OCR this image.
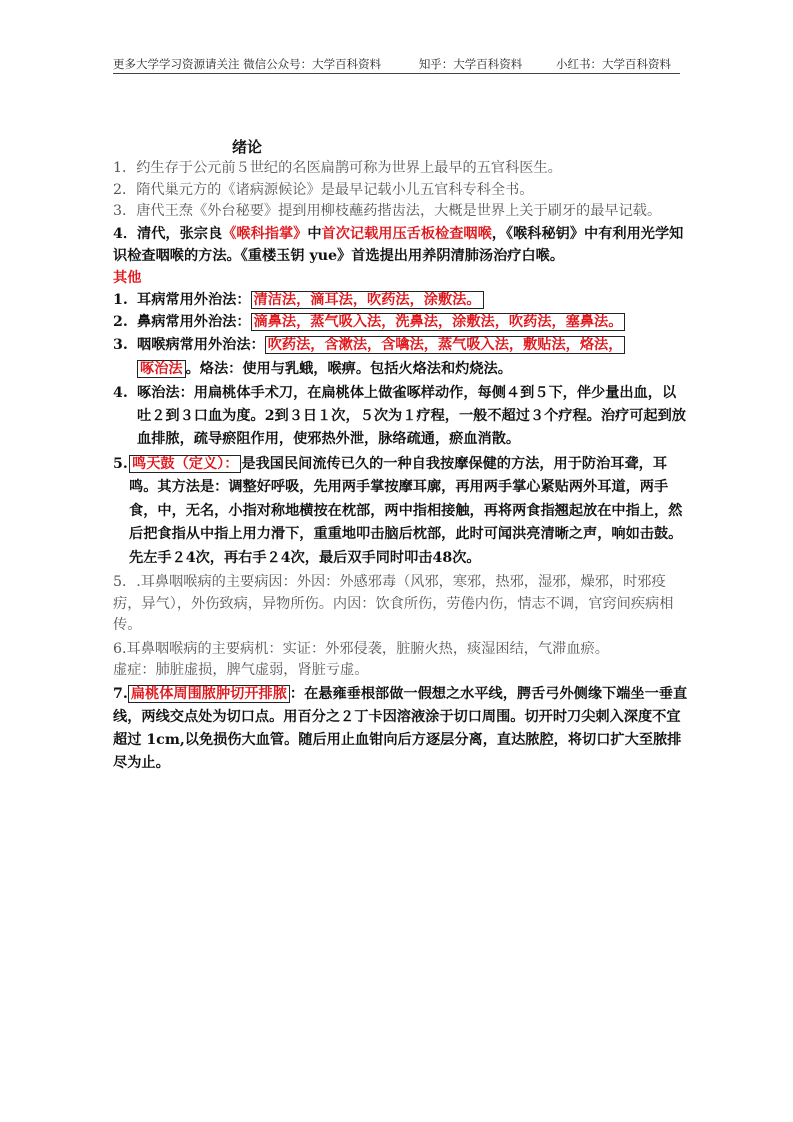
更多大学学习资源请关注 微信公众号：大学百科资料	知乎：大学百科资料	小红书：大学百科资料
绪论

1．约生存于公元前５世纪的名医扁鹊可称为世界上最早的五官科医生。

2．隋代巢元方的《诸病源候论》是最早记载小儿五官科专科全书。

3．唐代王焘《外台秘要》提到用柳枝蘸药揩齿法，大概是世界上关于刷牙的最早记载。

4．清代，张宗良《喉科指掌》中首次记载用压舌板检查咽喉，《喉科秘钥》中有利用光学知识检查咽喉的方法。《重楼玉钥 yue》首选提出用养阴清肺汤治疗白喉。

其他

1. 耳病常用外治法： 清洁法，滴耳法，吹药法，涂敷法。
2. 鼻病常用外治法： 滴鼻法，蒸气吸入法，洗鼻法，涂敷法，吹药法，塞鼻法。
3. 咽喉病常用外治法： 吹药法，含漱法，含噙法，蒸气吸入法，敷贴法，烙法，
啄治法 。烙法：使用与乳蛾，喉痹。包括火烙法和灼烧法。
4. 啄治法：用扁桃体手术刀，在扁桃体上做雀啄样动作，每侧４到５下，伴少量出血，以吐２到３口血为度。2到３日１次，５次为１疗程，一般不超过３个疗程。治疗可起到放血排脓，疏导瘀阻作用，使邪热外泄，脉络疏通，瘀血消散。
5. 鸣天鼓（定义）： 是我国民间流传已久的一种自我按摩保健的方法，用于防治耳聋，耳鸣。其方法是：调整好呼吸，先用两手掌按摩耳廓，再用两手掌心紧贴两外耳道，两手食，中，无名，小指对称地横按在枕部，两中指相接触，再将两食指翘起放在中指上，然后把食指从中指上用力滑下，重重地叩击脑后枕部，此时可闻洪亮清晰之声，响如击鼓。先左手２4次，再右手２4次，最后双手同时叩击48次。

5．.耳鼻咽喉病的主要病因：外因：外感邪毒（风邪，寒邪，热邪，湿邪，燥邪，时邪疫疠，异气），外伤致病，异物所伤。内因：饮食所伤，劳倦内伤，情志不调，官窍间疾病相传。

6.耳鼻咽喉病的主要病机：实证：外邪侵袭，脏腑火热，痰湿困结，气滞血瘀。

虚症：肺脏虚损，脾气虚弱，肾脏亏虚。

7. 扁桃体周围脓肿切开排脓 ：在悬雍垂根部做一假想之水平线，腭舌弓外侧缘下端坐一垂直线，两线交点处为切口点。用百分之２丁卡因溶液涂于切口周围。切开时刀尖刺入深度不宜超过 1cm,以免损伤大血管。随后用止血钳向后方逐层分离，直达脓腔，将切口扩大至脓排尽为止。
